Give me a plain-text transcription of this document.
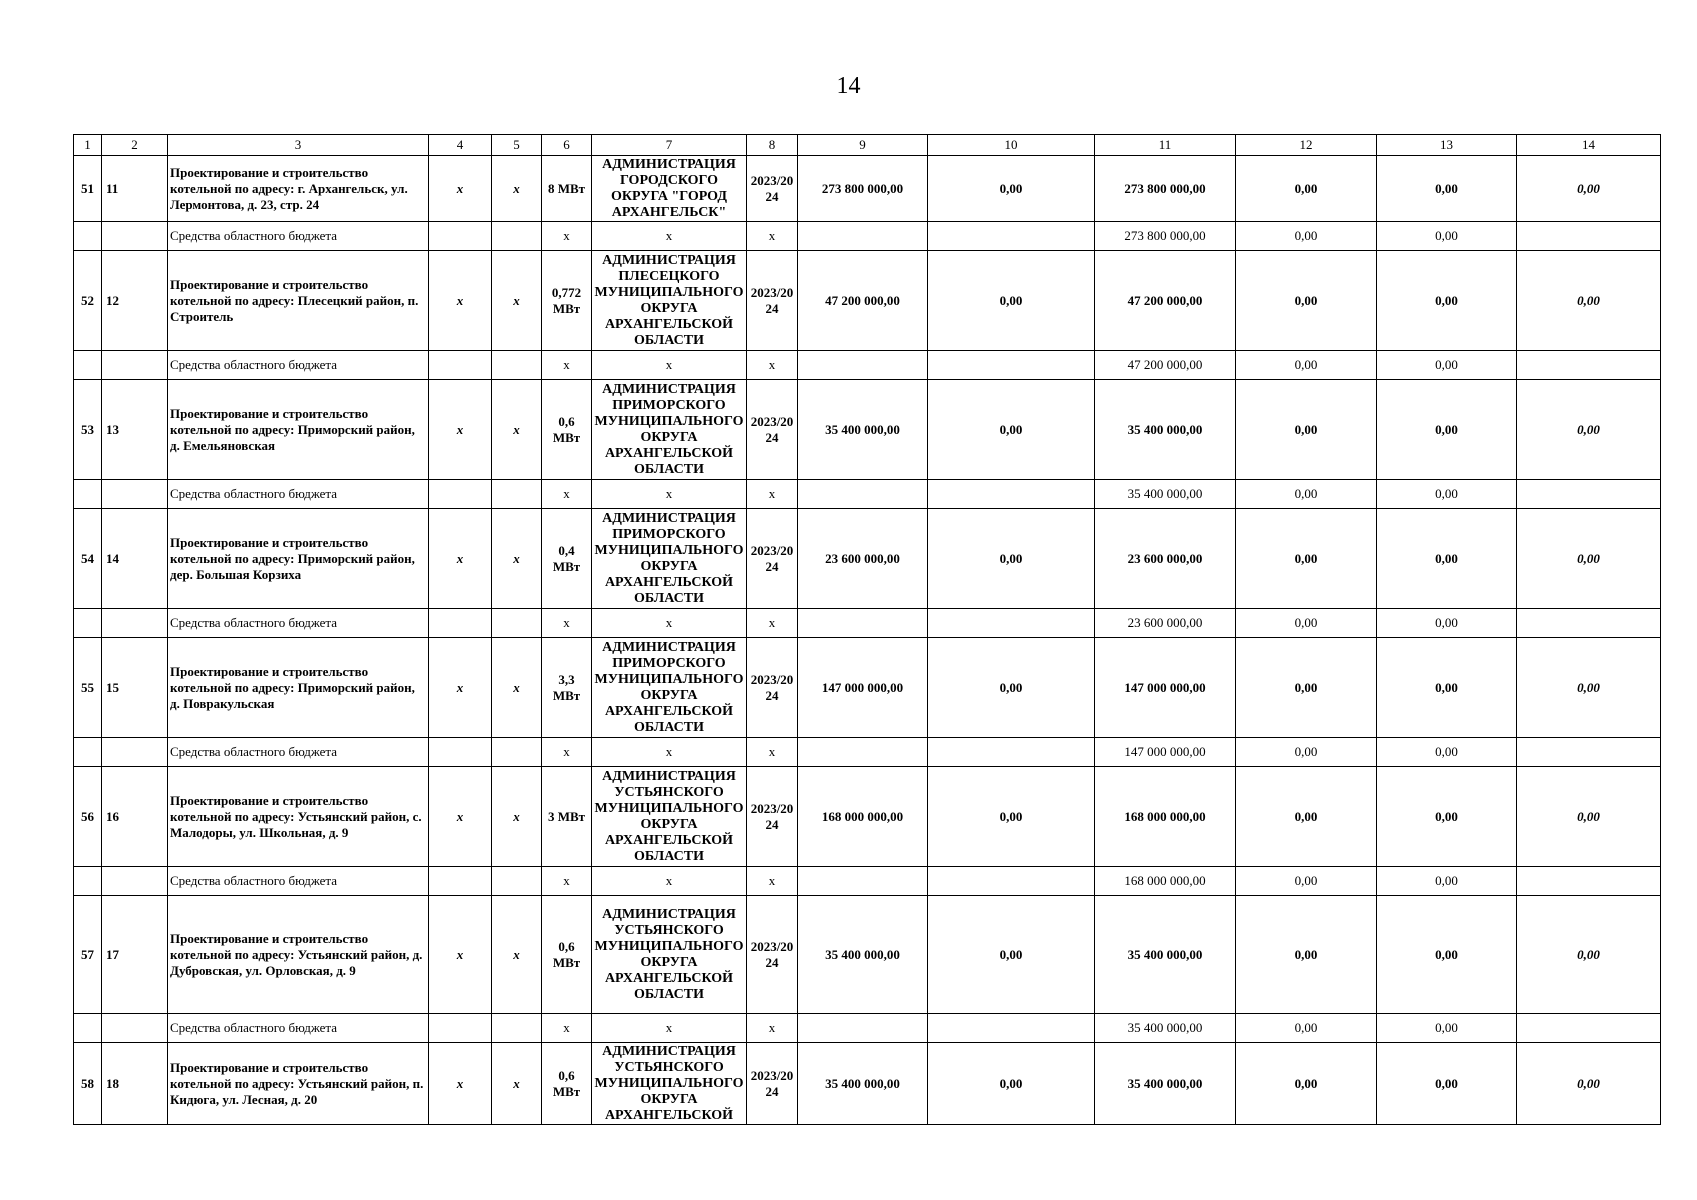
14
1	2	3	4	5	6	7	8	9	10	11	12	13	14
51	11	Проектирование и строительство котельной по адресу: г. Архангельск, ул. Лермонтова, д. 23, стр. 24	х	х	8 МВт	АДМИНИСТРАЦИЯ ГОРОДСКОГО ОКРУГА "ГОРОД АРХАНГЕЛЬСК"	2023/20 24	273 800 000,00	0,00	273 800 000,00	0,00	0,00	0,00
		Средства областного бюджета			х	х	х			273 800 000,00	0,00	0,00	
52	12	Проектирование и строительство котельной по адресу: Плесецкий район, п. Строитель	х	х	0,772 МВт	АДМИНИСТРАЦИЯ ПЛЕСЕЦКОГО МУНИЦИПАЛЬНОГО ОКРУГА АРХАНГЕЛЬСКОЙ ОБЛАСТИ	2023/20 24	47 200 000,00	0,00	47 200 000,00	0,00	0,00	0,00
		Средства областного бюджета			х	х	х			47 200 000,00	0,00	0,00	
53	13	Проектирование и строительство котельной по адресу: Приморский район, д. Емельяновская	х	х	0,6 МВт	АДМИНИСТРАЦИЯ ПРИМОРСКОГО МУНИЦИПАЛЬНОГО ОКРУГА АРХАНГЕЛЬСКОЙ ОБЛАСТИ	2023/20 24	35 400 000,00	0,00	35 400 000,00	0,00	0,00	0,00
		Средства областного бюджета			х	х	х			35 400 000,00	0,00	0,00	
54	14	Проектирование и строительство котельной по адресу: Приморский район, дер. Большая Корзиха	х	х	0,4 МВт	АДМИНИСТРАЦИЯ ПРИМОРСКОГО МУНИЦИПАЛЬНОГО ОКРУГА АРХАНГЕЛЬСКОЙ ОБЛАСТИ	2023/20 24	23 600 000,00	0,00	23 600 000,00	0,00	0,00	0,00
		Средства областного бюджета			х	х	х			23 600 000,00	0,00	0,00	
55	15	Проектирование и строительство котельной по адресу: Приморский район, д. Повракульская	х	х	3,3 МВт	АДМИНИСТРАЦИЯ ПРИМОРСКОГО МУНИЦИПАЛЬНОГО ОКРУГА АРХАНГЕЛЬСКОЙ ОБЛАСТИ	2023/20 24	147 000 000,00	0,00	147 000 000,00	0,00	0,00	0,00
		Средства областного бюджета			х	х	х			147 000 000,00	0,00	0,00	
56	16	Проектирование и строительство котельной по адресу: Устьянский район, с. Малодоры, ул. Школьная, д. 9	х	х	3 МВт	АДМИНИСТРАЦИЯ УСТЬЯНСКОГО МУНИЦИПАЛЬНОГО ОКРУГА АРХАНГЕЛЬСКОЙ ОБЛАСТИ	2023/20 24	168 000 000,00	0,00	168 000 000,00	0,00	0,00	0,00
		Средства областного бюджета			х	х	х			168 000 000,00	0,00	0,00	
57	17	Проектирование и строительство котельной по адресу: Устьянский район, д. Дубровская, ул. Орловская, д. 9	х	х	0,6 МВт	АДМИНИСТРАЦИЯ УСТЬЯНСКОГО МУНИЦИПАЛЬНОГО ОКРУГА АРХАНГЕЛЬСКОЙ ОБЛАСТИ	2023/20 24	35 400 000,00	0,00	35 400 000,00	0,00	0,00	0,00
		Средства областного бюджета			х	х	х			35 400 000,00	0,00	0,00	
58	18	Проектирование и строительство котельной по адресу: Устьянский район, п. Кидюга, ул. Лесная, д. 20	х	х	0,6 МВт	АДМИНИСТРАЦИЯ УСТЬЯНСКОГО МУНИЦИПАЛЬНОГО ОКРУГА АРХАНГЕЛЬСКОЙ	2023/20 24	35 400 000,00	0,00	35 400 000,00	0,00	0,00	0,00
